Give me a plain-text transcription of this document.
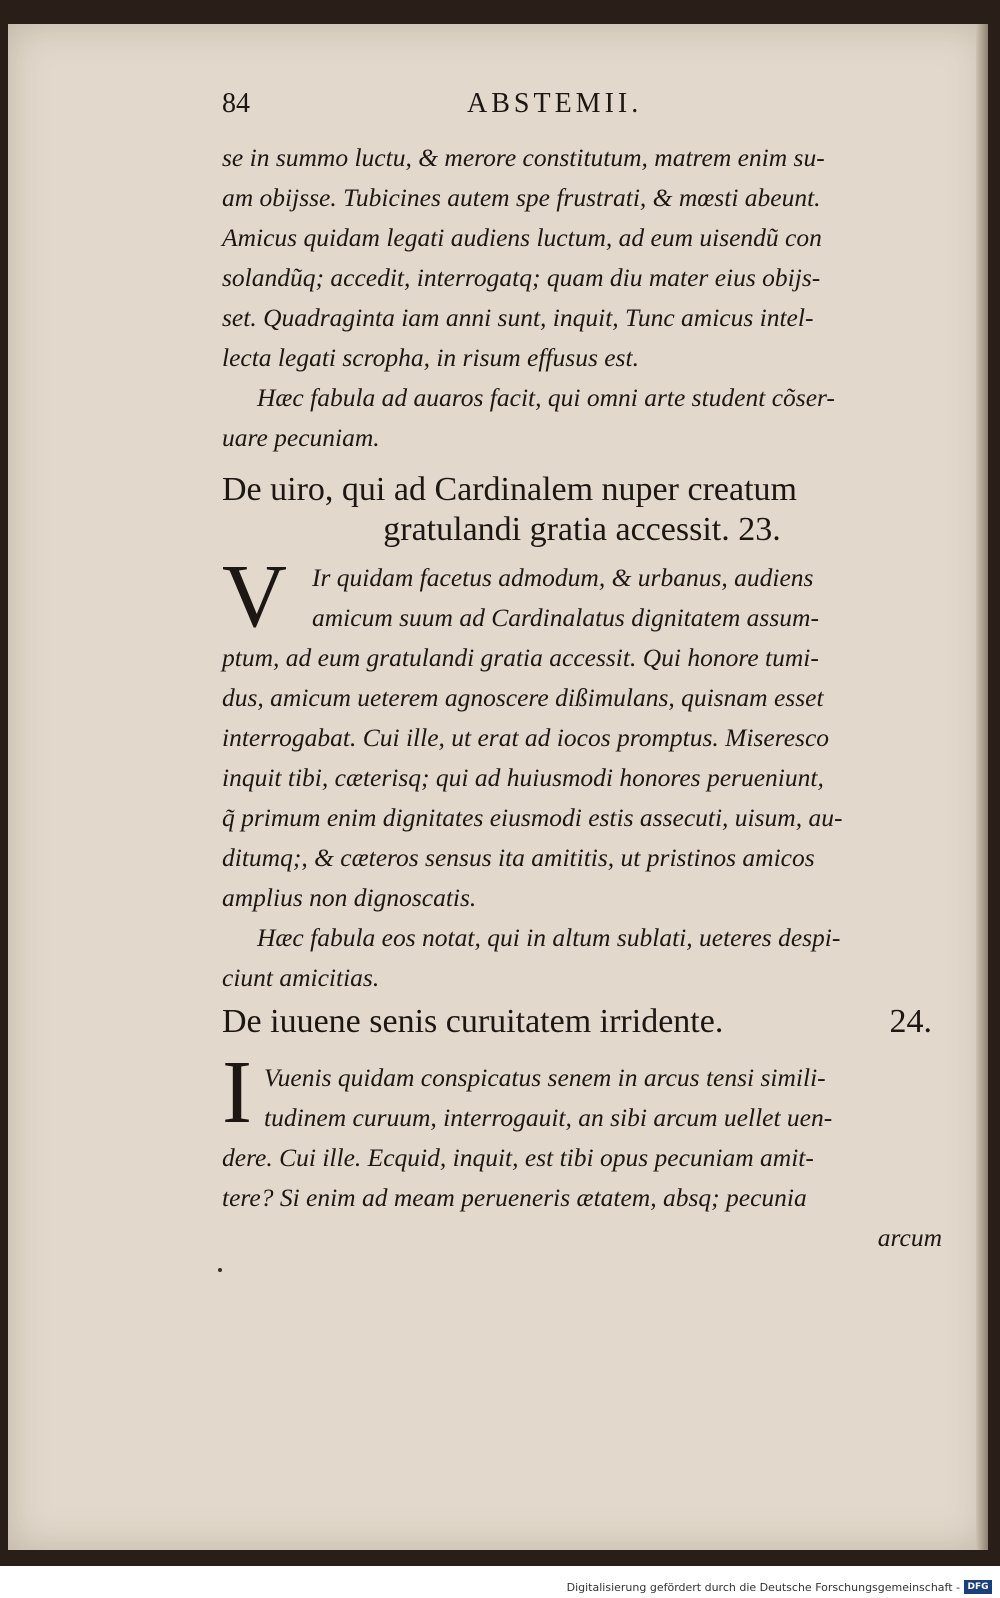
84	ABSTEMII.
se in summo luctu, & merore constitutum, matrem enim su-
am obijsse. Tubicines autem spe frustrati, & mœsti abeunt.
Amicus quidam legati audiens luctum, ad eum uisendũ con
solandũq; accedit, interrogatq; quam diu mater eius obijs-
set. Quadraginta iam anni sunt, inquit, Tunc amicus intel-
lecta legati scropha, in risum effusus est.
Hæc fabula ad auaros facit, qui omni arte student cõser-
uare pecuniam.
De uiro, qui ad Cardinalem nuper creatum
gratulandi gratia accessit. 23.
V Ir quidam facetus admodum, & urbanus, audiens
amicum suum ad Cardinalatus dignitatem assum-
ptum, ad eum gratulandi gratia accessit. Qui honore tumi-
dus, amicum ueterem agnoscere dißimulans, quisnam esset
interrogabat. Cui ille, ut erat ad iocos promptus. Miseresco
inquit tibi, cæterisq; qui ad huiusmodi honores perueniunt,
q̃ primum enim dignitates eiusmodi estis assecuti, uisum, au-
ditumq;, & cæteros sensus ita amititis, ut pristinos amicos
amplius non dignoscatis.
Hæc fabula eos notat, qui in altum sublati, ueteres despi-
ciunt amicitias.
De iuuene senis curuitatem irridente.	24.
I Vuenis quidam conspicatus senem in arcus tensi simili-
tudinem curuum, interrogauit, an sibi arcum uellet uen-
dere. Cui ille. Ecquid, inquit, est tibi opus pecuniam amit-
tere? Si enim ad meam perueneris ætatem, absq; pecunia
arcum
Digitalisierung gefördert durch die Deutsche Forschungsgemeinschaft - DFG
